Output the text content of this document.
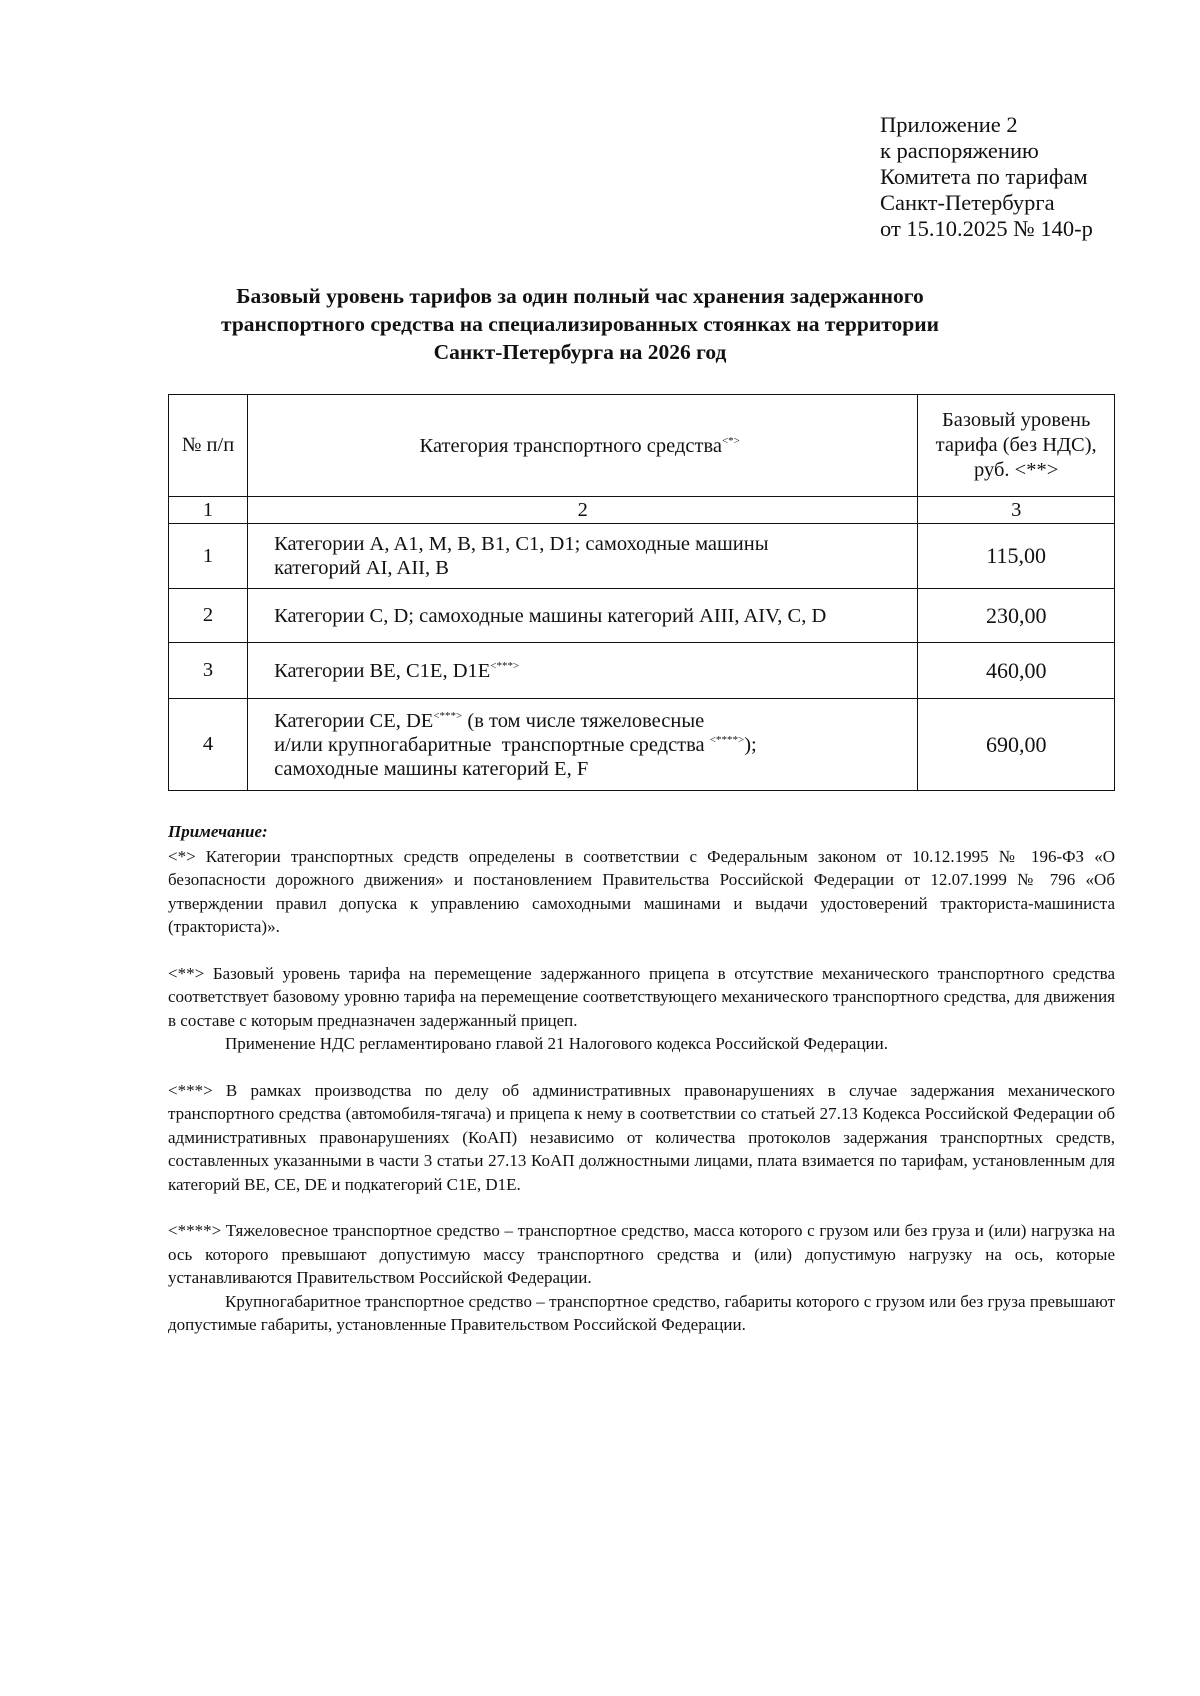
Приложение 2
к распоряжению
Комитета по тарифам
Санкт-Петербурга
от 15.10.2025 № 140-р
Базовый уровень тарифов за один полный час хранения задержанного
транспортного средства на специализированных стоянках на территории
Санкт-Петербурга на 2026 год
№ п/п	Категория транспортного средства<*>	Базовый уровень
тарифа (без НДС),
руб. <**>

1	2	3
1	Категории A, A1, M, B, B1, C1, D1; самоходные машины
категорий AI, AII, B	115,00
2	Категории C, D; самоходные машины категорий AIII, AIV, C, D	230,00
3	Категории BE, C1E, D1E<***>	460,00
4	Категории CE, DE<***> (в том числе тяжеловесные
и/или крупногабаритные  транспортные средства <****>);
самоходные машины категорий E, F	690,00
Примечание:

<*> Категории транспортных средств определены в соответствии с Федеральным законом от 10.12.1995 № 196-ФЗ «О безопасности дорожного движения» и постановлением Правительства Российской Федерации от 12.07.1999 № 796 «Об утверждении правил допуска к управлению самоходными машинами и выдачи удостоверений тракториста-машиниста (тракториста)».

<**> Базовый уровень тарифа на перемещение задержанного прицепа в отсутствие механического транспортного средства соответствует базовому уровню тарифа на перемещение соответствующего механического транспортного средства, для движения в составе с которым предназначен задержанный прицеп.

Применение НДС регламентировано главой 21 Налогового кодекса Российской Федерации.

<***> В рамках производства по делу об административных правонарушениях в случае задержания механического транспортного средства (автомобиля-тягача) и прицепа к нему в соответствии со статьей 27.13 Кодекса Российской Федерации об административных правонарушениях (КоАП) независимо от количества протоколов задержания транспортных средств, составленных указанными в части 3 статьи 27.13 КоАП должностными лицами, плата взимается по тарифам, установленным для категорий BE, CE, DE и подкатегорий C1E, D1E.

<****> Тяжеловесное транспортное средство – транспортное средство, масса которого с грузом или без груза и (или) нагрузка на ось которого превышают допустимую массу транспортного средства и (или) допустимую нагрузку на ось, которые устанавливаются Правительством Российской Федерации.

Крупногабаритное транспортное средство – транспортное средство, габариты которого с грузом или без груза превышают допустимые габариты, установленные Правительством Российской Федерации.
